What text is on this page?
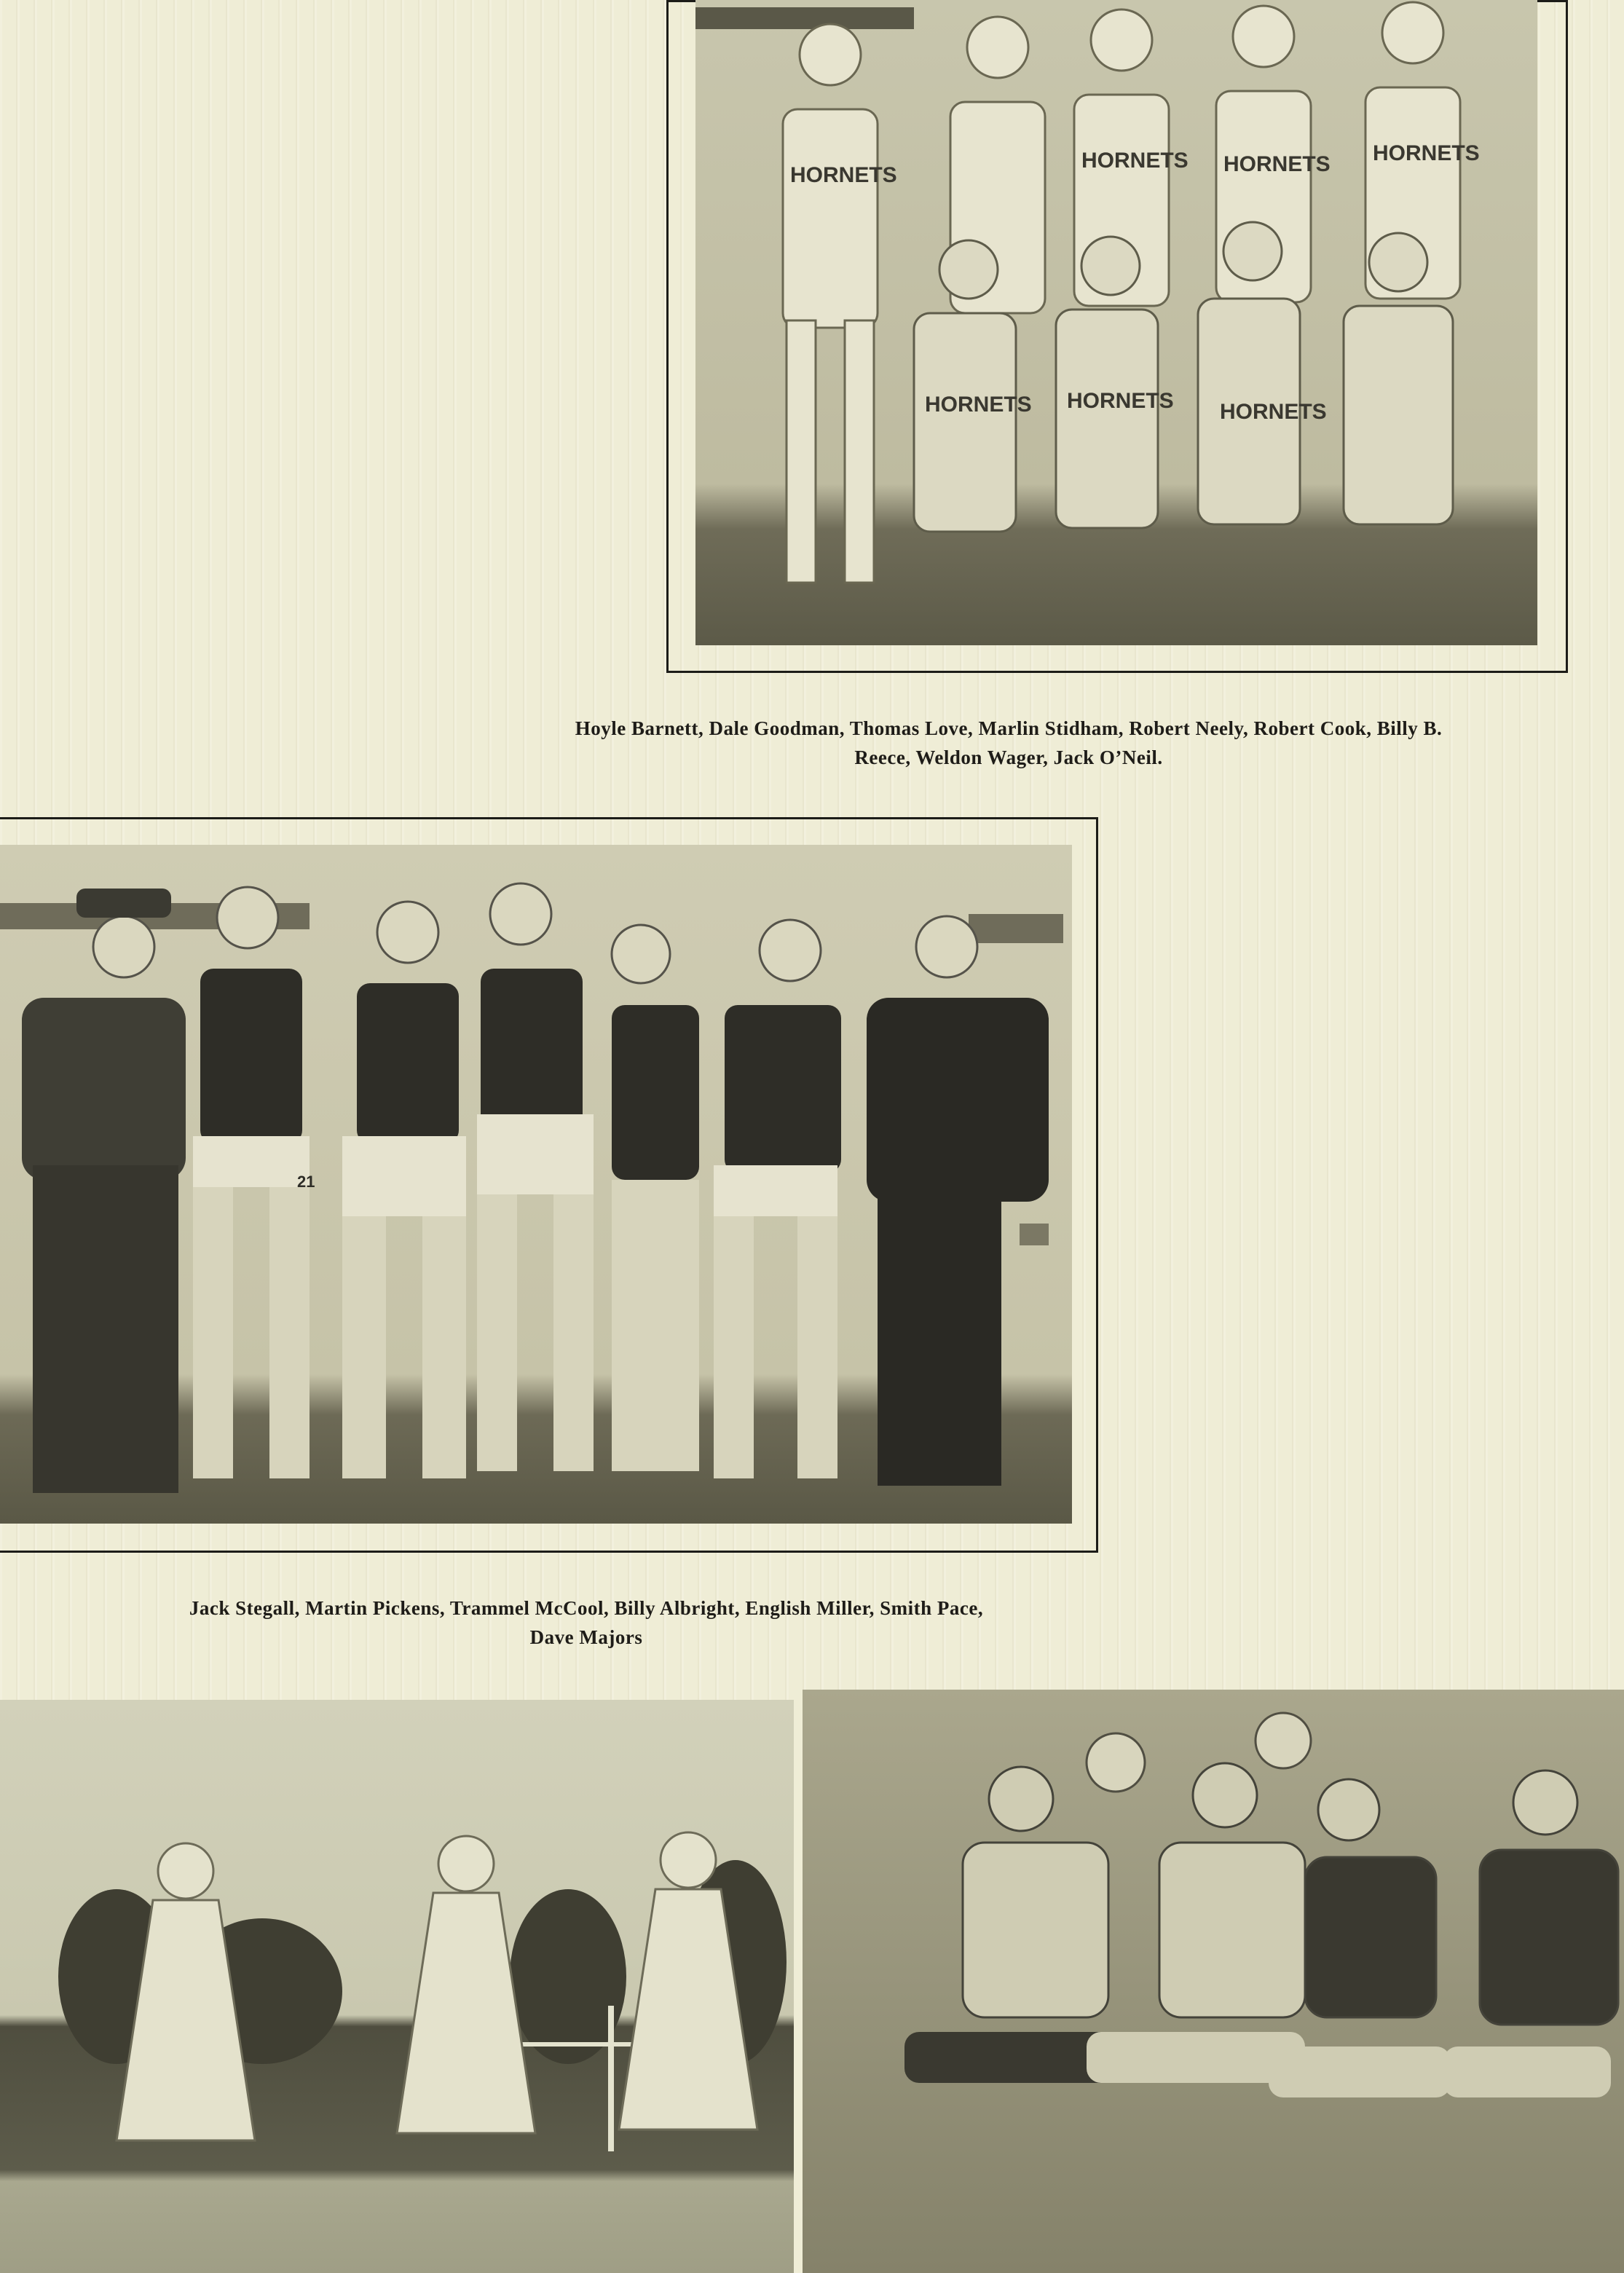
HORNETS
HORNETS HORNETS HORNETS
HORNETS HORNETS HORNETS
Hoyle Barnett, Dale Goodman, Thomas Love, Marlin Stidham, Robert Neely, Robert Cook, Billy B.
Reece, Weldon Wager, Jack O’Neil.
21
Jack Stegall, Martin Pickens, Trammel McCool, Billy Albright, English Miller, Smith Pace,
Dave Majors
